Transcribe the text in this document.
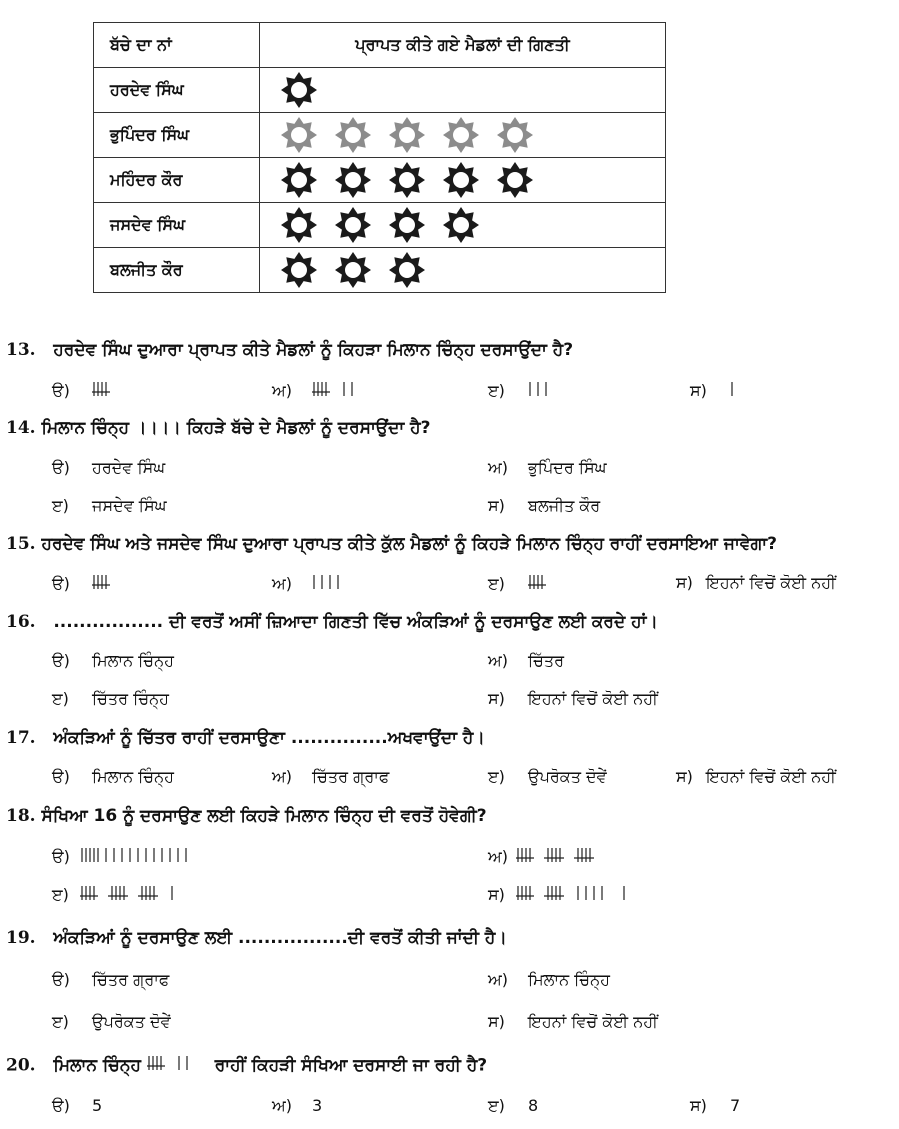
ਬੱਚੇ ਦਾ ਨਾਂ	ਪ੍ਰਾਪਤ ਕੀਤੇ ਗਏ ਮੈਡਲਾਂ ਦੀ ਗਿਣਤੀ
ਹਰਦੇਵ ਸਿੰਘ	
ਭੁਪਿੰਦਰ ਸਿੰਘ	
ਮਹਿੰਦਰ ਕੌਰ	
ਜਸਦੇਵ ਸਿੰਘ	
ਬਲਜੀਤ ਕੌਰ	
13. ਹਰਦੇਵ ਸਿੰਘ ਦੁਆਰਾ ਪ੍ਰਾਪਤ ਕੀਤੇ ਮੈਡਲਾਂ ਨੂੰ ਕਿਹੜਾ ਮਿਲਾਨ ਚਿੰਨ੍ਹ ਦਰਸਾਉਂਦਾ ਹੈ?
ੳ)	ਅ)	ੲ)	ਸ)
14. ਮਿਲਾਨ ਚਿੰਨ੍ਹ ।।।। ਕਿਹੜੇ ਬੱਚੇ ਦੇ ਮੈਡਲਾਂ ਨੂੰ ਦਰਸਾਉਂਦਾ ਹੈ?
ੳ) ਹਰਦੇਵ ਸਿੰਘ	ਅ) ਭੁਪਿੰਦਰ ਸਿੰਘ
ੲ) ਜਸਦੇਵ ਸਿੰਘ	ਸ) ਬਲਜੀਤ ਕੌਰ
15. ਹਰਦੇਵ ਸਿੰਘ ਅਤੇ ਜਸਦੇਵ ਸਿੰਘ ਦੁਆਰਾ ਪ੍ਰਾਪਤ ਕੀਤੇ ਕੁੱਲ ਮੈਡਲਾਂ ਨੂੰ ਕਿਹੜੇ ਮਿਲਾਨ ਚਿੰਨ੍ਹ ਰਾਹੀਂ ਦਰਸਾਇਆ ਜਾਵੇਗਾ?
ੳ)	ਅ)	ੲ)	ਸ) ਇਹਨਾਂ ਵਿਚੋਂ ਕੋਈ ਨਹੀਂ
16. ................. ਦੀ ਵਰਤੋਂ ਅਸੀਂ ਜ਼ਿਆਦਾ ਗਿਣਤੀ ਵਿੱਚ ਅੰਕੜਿਆਂ ਨੂੰ ਦਰਸਾਉਣ ਲਈ ਕਰਦੇ ਹਾਂ।
ੳ) ਮਿਲਾਨ ਚਿੰਨ੍ਹ	ਅ) ਚਿੱਤਰ
ੲ) ਚਿੱਤਰ ਚਿੰਨ੍ਹ	ਸ) ਇਹਨਾਂ ਵਿਚੋਂ ਕੋਈ ਨਹੀਂ
17. ਅੰਕੜਿਆਂ ਨੂੰ ਚਿੱਤਰ ਰਾਹੀਂ ਦਰਸਾਉਣਾ ...............ਅਖਵਾਉਂਦਾ ਹੈ।
ੳ) ਮਿਲਾਨ ਚਿੰਨ੍ਹ	ਅ) ਚਿੱਤਰ ਗ੍ਰਾਫ	ੲ) ਉਪਰੋਕਤ ਦੋਵੇਂ	ਸ) ਇਹਨਾਂ ਵਿਚੋਂ ਕੋਈ ਨਹੀਂ
18. ਸੰਖਿਆ 16 ਨੂੰ ਦਰਸਾਉਣ ਲਈ ਕਿਹੜੇ ਮਿਲਾਨ ਚਿੰਨ੍ਹ ਦੀ ਵਰਤੋਂ ਹੋਵੇਗੀ?
ੳ)	ਅ)
ੲ)	ਸ)
19. ਅੰਕੜਿਆਂ ਨੂੰ ਦਰਸਾਉਣ ਲਈ .................ਦੀ ਵਰਤੋਂ ਕੀਤੀ ਜਾਂਦੀ ਹੈ।
ੳ) ਚਿੱਤਰ ਗ੍ਰਾਫ	ਅ) ਮਿਲਾਨ ਚਿੰਨ੍ਹ
ੲ) ਉਪਰੋਕਤ ਦੋਵੇਂ	ਸ) ਇਹਨਾਂ ਵਿਚੋਂ ਕੋਈ ਨਹੀਂ
20. ਮਿਲਾਨ ਚਿੰਨ੍ਹ	ਰਾਹੀਂ ਕਿਹੜੀ ਸੰਖਿਆ ਦਰਸਾਈ ਜਾ ਰਹੀ ਹੈ?
ੳ) 5	ਅ) 3	ੲ) 8	ਸ) 7
